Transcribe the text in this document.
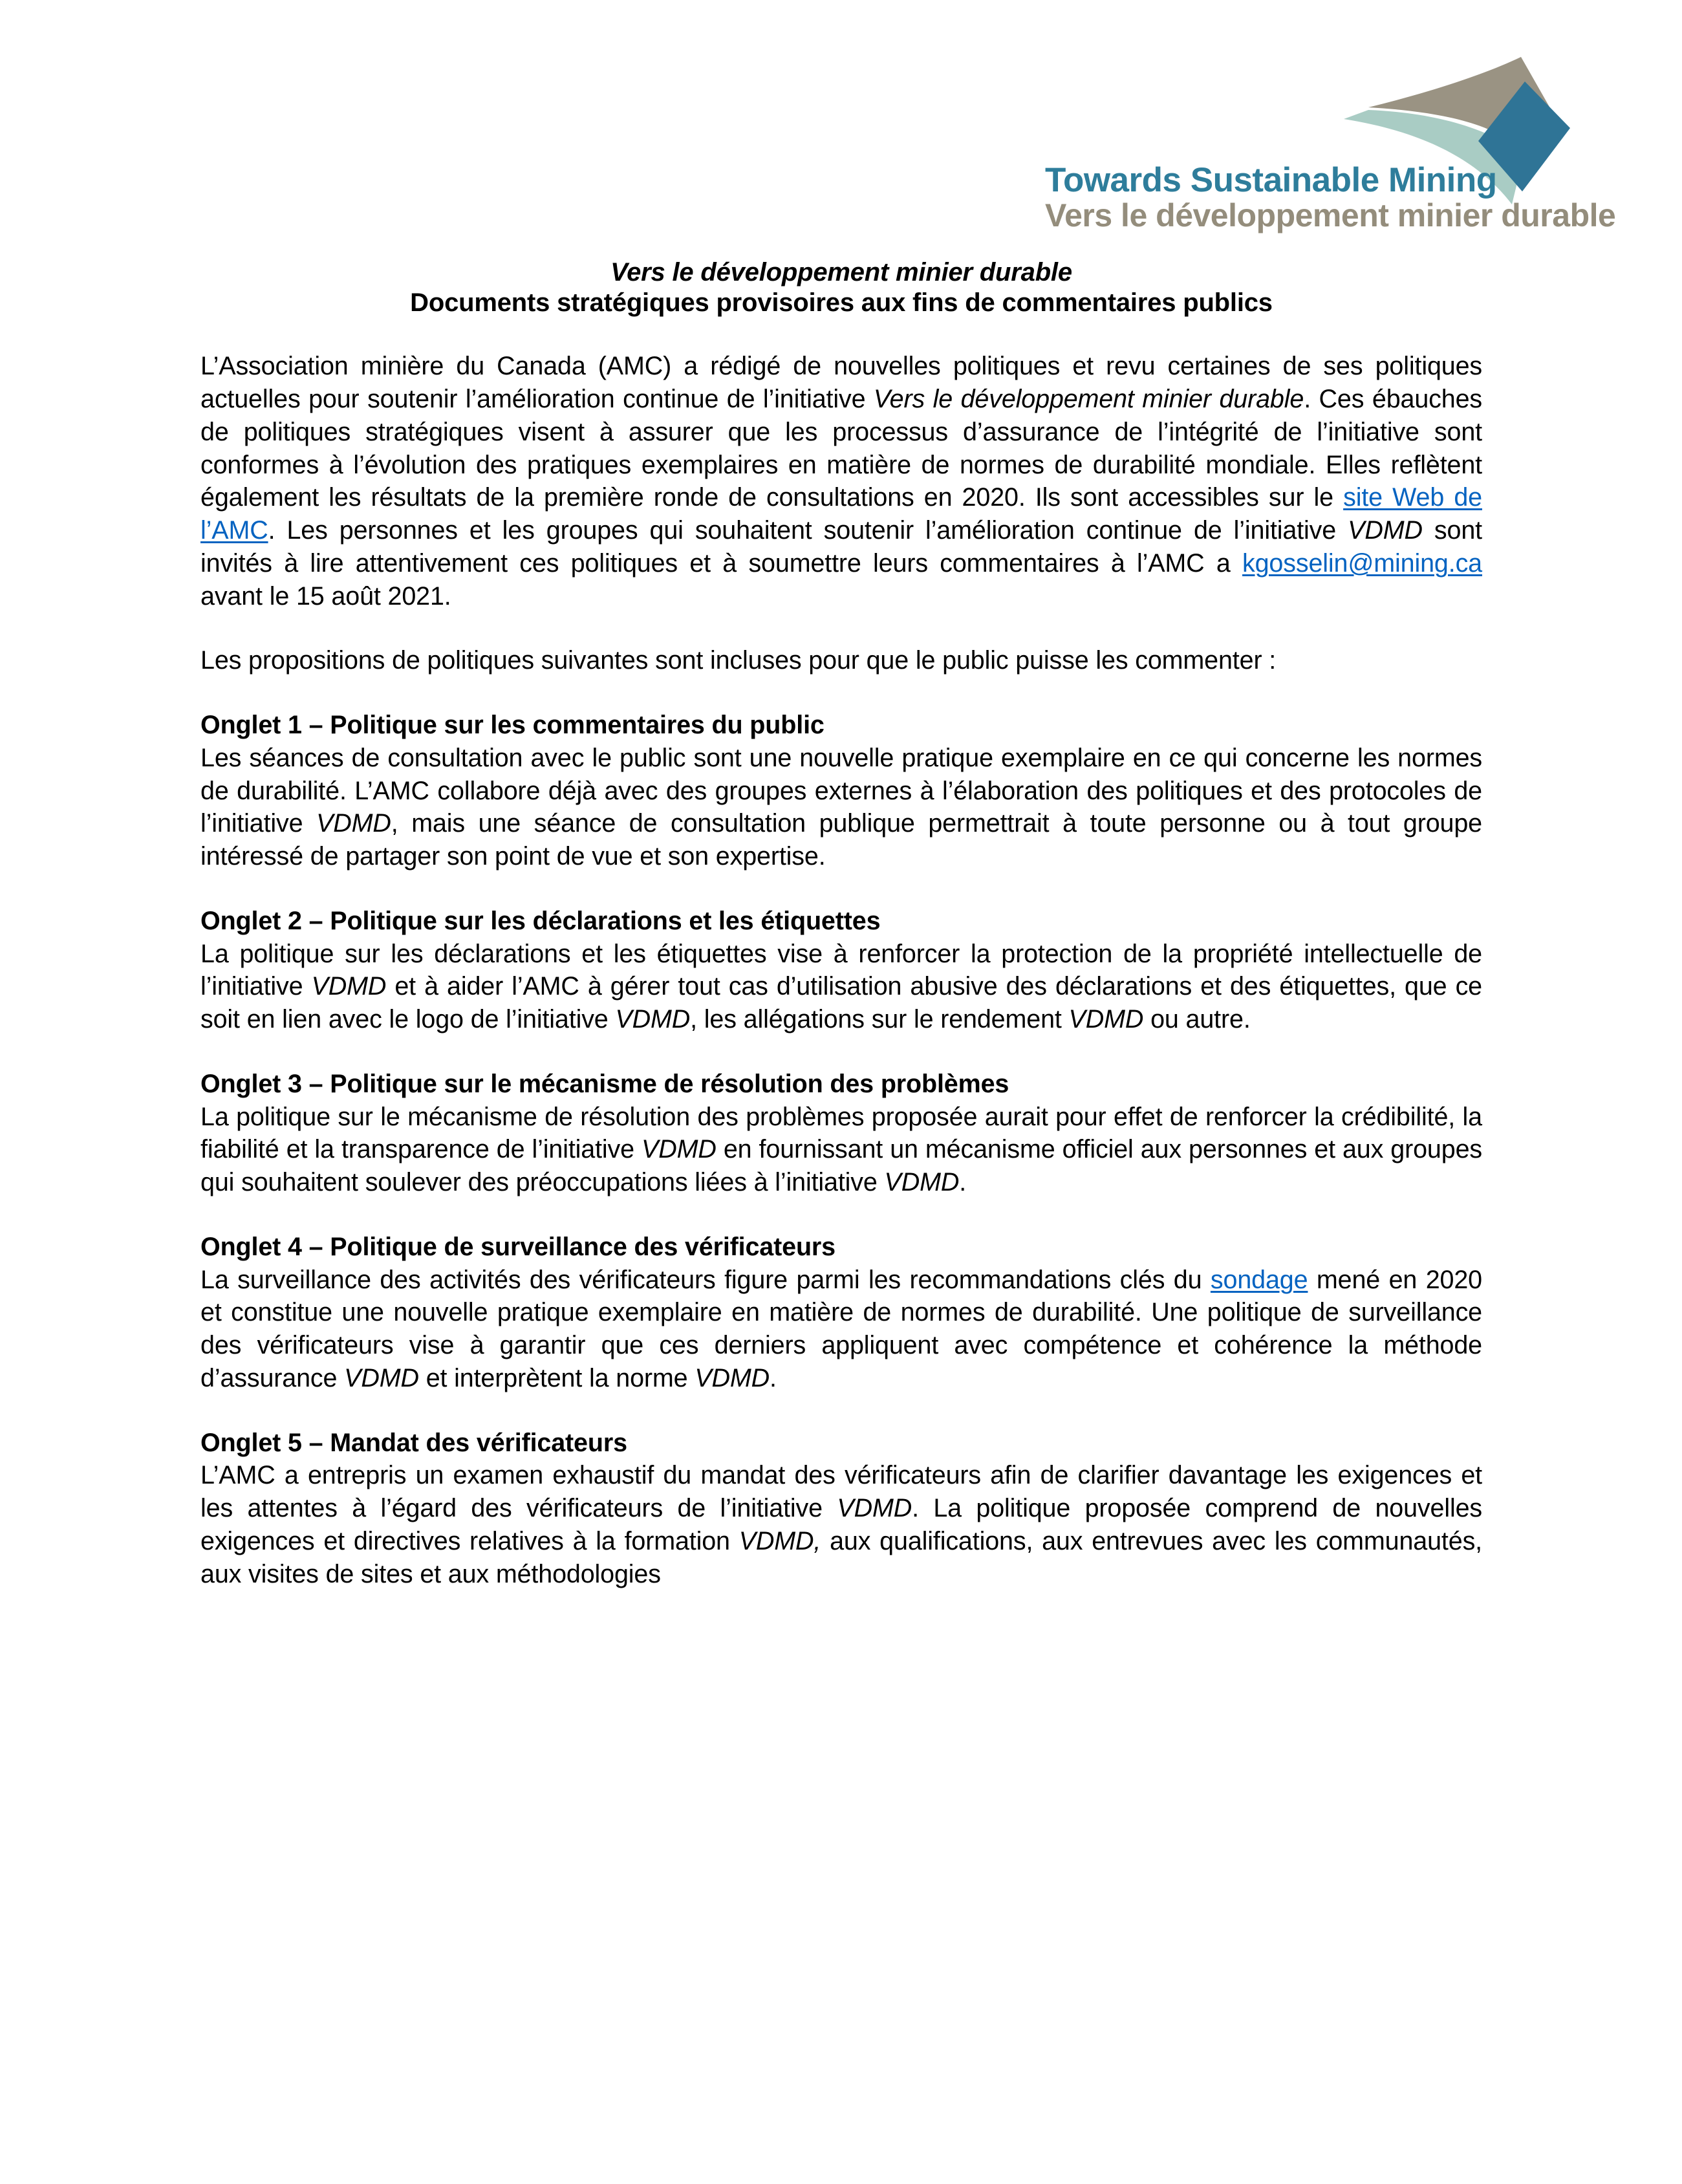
Towards Sustainable Mining
Vers le développement minier durable
Vers le développement minier durable
Documents stratégiques provisoires aux fins de commentaires publics

L’Association minière du Canada (AMC) a rédigé de nouvelles politiques et revu certaines de ses politiques actuelles pour soutenir l’amélioration continue de l’initiative Vers le développement minier durable. Ces ébauches de politiques stratégiques visent à assurer que les processus d’assurance de l’intégrité de l’initiative sont conformes à l’évolution des pratiques exemplaires en matière de normes de durabilité mondiale. Elles reflètent également les résultats de la première ronde de consultations en 2020. Ils sont accessibles sur le site Web de l’AMC. Les personnes et les groupes qui souhaitent soutenir l’amélioration continue de l’initiative VDMD sont invités à lire attentivement ces politiques et à soumettre leurs commentaires à l’AMC a kgosselin@mining.ca avant le 15 août 2021.

Les propositions de politiques suivantes sont incluses pour que le public puisse les commenter :

Onglet 1 – Politique sur les commentaires du public

Les séances de consultation avec le public sont une nouvelle pratique exemplaire en ce qui concerne les normes de durabilité. L’AMC collabore déjà avec des groupes externes à l’élaboration des politiques et des protocoles de l’initiative VDMD, mais une séance de consultation publique permettrait à toute personne ou à tout groupe intéressé de partager son point de vue et son expertise.

Onglet 2 – Politique sur les déclarations et les étiquettes

La politique sur les déclarations et les étiquettes vise à renforcer la protection de la propriété intellectuelle de l’initiative VDMD et à aider l’AMC à gérer tout cas d’utilisation abusive des déclarations et des étiquettes, que ce soit en lien avec le logo de l’initiative VDMD, les allégations sur le rendement VDMD ou autre.

Onglet 3 – Politique sur le mécanisme de résolution des problèmes

La politique sur le mécanisme de résolution des problèmes proposée aurait pour effet de renforcer la crédibilité, la fiabilité et la transparence de l’initiative VDMD en fournissant un mécanisme officiel aux personnes et aux groupes qui souhaitent soulever des préoccupations liées à l’initiative VDMD.

Onglet 4 – Politique de surveillance des vérificateurs

La surveillance des activités des vérificateurs figure parmi les recommandations clés du sondage mené en 2020 et constitue une nouvelle pratique exemplaire en matière de normes de durabilité. Une politique de surveillance des vérificateurs vise à garantir que ces derniers appliquent avec compétence et cohérence la méthode d’assurance VDMD et interprètent la norme VDMD.

Onglet 5 – Mandat des vérificateurs

L’AMC a entrepris un examen exhaustif du mandat des vérificateurs afin de clarifier davantage les exigences et les attentes à l’égard des vérificateurs de l’initiative VDMD. La politique proposée comprend de nouvelles exigences et directives relatives à la formation VDMD, aux qualifications, aux entrevues avec les communautés, aux visites de sites et aux méthodologies
